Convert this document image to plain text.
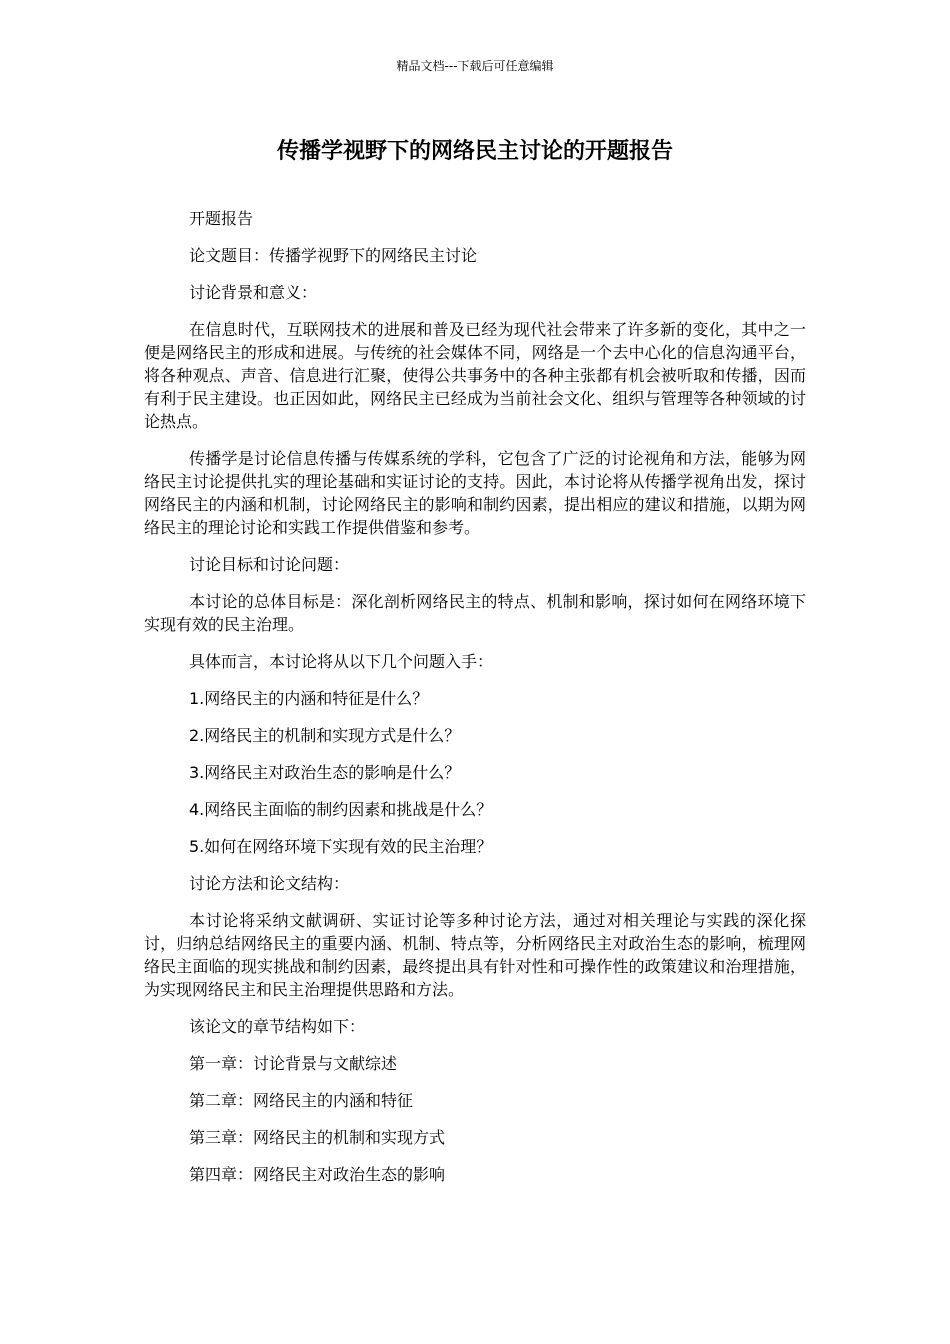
精品文档---下载后可任意编辑
传播学视野下的网络民主讨论的开题报告

开题报告

论文题目：传播学视野下的网络民主讨论

讨论背景和意义：

在信息时代，互联网技术的进展和普及已经为现代社会带来了许多新的变化，其中之一便是网络民主的形成和进展。与传统的社会媒体不同，网络是一个去中心化的信息沟通平台，将各种观点、声音、信息进行汇聚，使得公共事务中的各种主张都有机会被听取和传播，因而有利于民主建设。也正因如此，网络民主已经成为当前社会文化、组织与管理等各种领域的讨论热点。

传播学是讨论信息传播与传媒系统的学科，它包含了广泛的讨论视角和方法，能够为网络民主讨论提供扎实的理论基础和实证讨论的支持。因此，本讨论将从传播学视角出发，探讨网络民主的内涵和机制，讨论网络民主的影响和制约因素，提出相应的建议和措施，以期为网络民主的理论讨论和实践工作提供借鉴和参考。

讨论目标和讨论问题：

本讨论的总体目标是：深化剖析网络民主的特点、机制和影响，探讨如何在网络环境下实现有效的民主治理。

具体而言，本讨论将从以下几个问题入手：

1.网络民主的内涵和特征是什么？

2.网络民主的机制和实现方式是什么？

3.网络民主对政治生态的影响是什么？

4.网络民主面临的制约因素和挑战是什么？

5.如何在网络环境下实现有效的民主治理？

讨论方法和论文结构：

本讨论将采纳文献调研、实证讨论等多种讨论方法，通过对相关理论与实践的深化探讨，归纳总结网络民主的重要内涵、机制、特点等，分析网络民主对政治生态的影响，梳理网络民主面临的现实挑战和制约因素，最终提出具有针对性和可操作性的政策建议和治理措施，为实现网络民主和民主治理提供思路和方法。

该论文的章节结构如下：

第一章：讨论背景与文献综述

第二章：网络民主的内涵和特征

第三章：网络民主的机制和实现方式

第四章：网络民主对政治生态的影响
